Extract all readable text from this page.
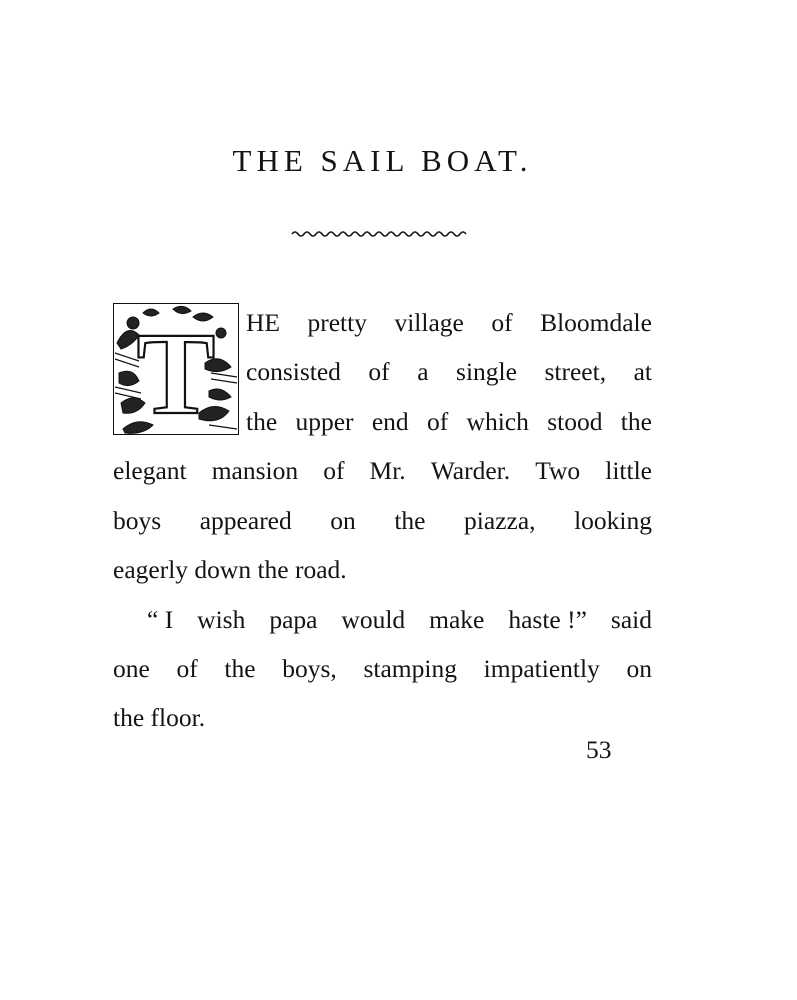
THE SAIL BOAT.
T HE pretty village of Bloomdale
consisted of a single street, at
the upper end of which stood the
elegant mansion of Mr. Warder. Two little
boys appeared on the piazza, looking

eagerly down the road.

“ I wish papa would make haste !” said
one of the boys, stamping impatiently on

the floor.

53
